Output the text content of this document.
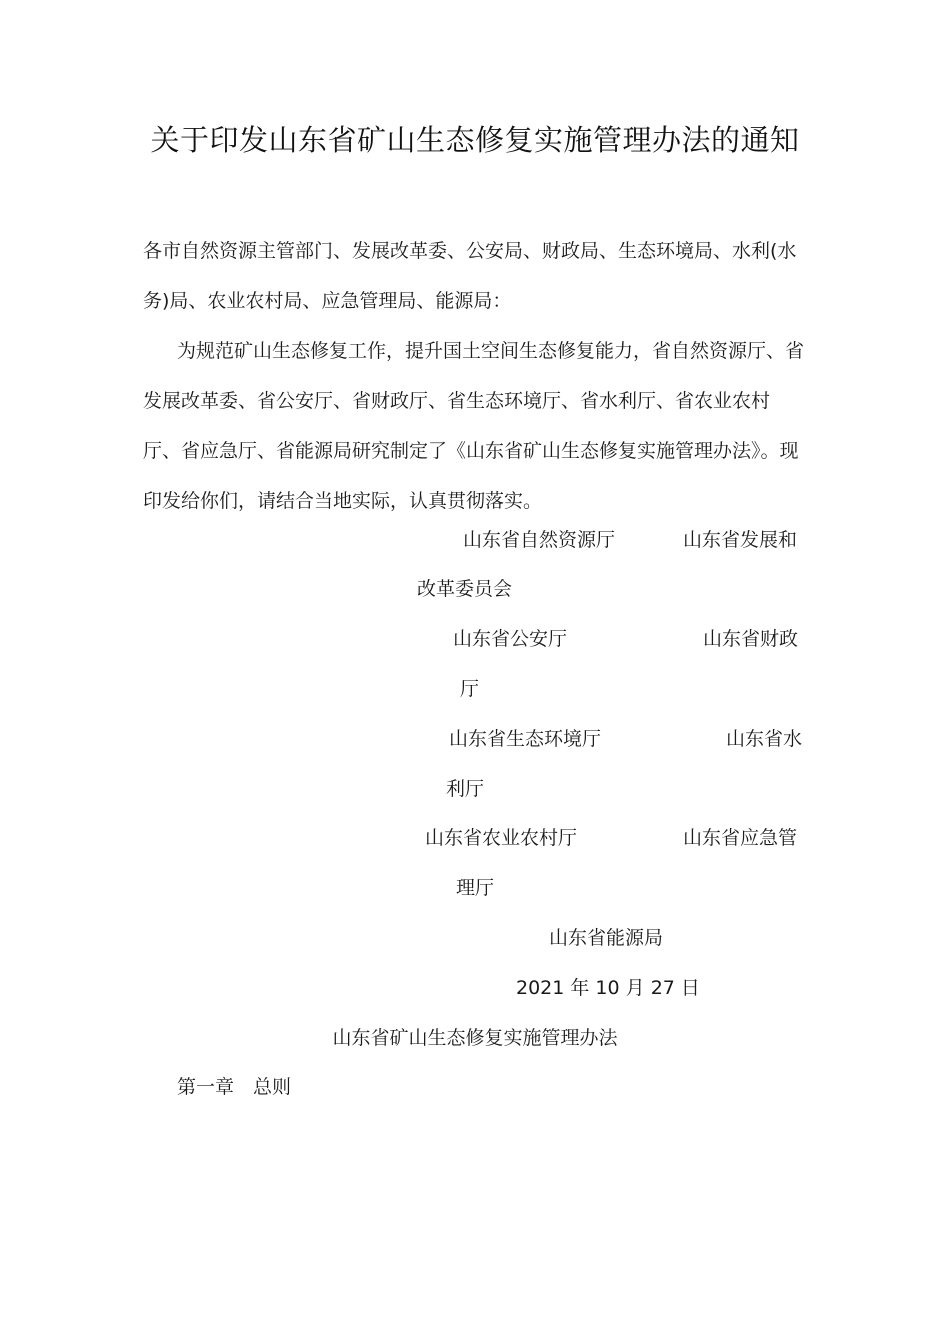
关于印发山东省矿山生态修复实施管理办法的通知
各市自然资源主管部门、发展改革委、公安局、财政局、生态环境局、水利(水务)局、农业农村局、应急管理局、能源局：
为规范矿山生态修复工作，提升国土空间生态修复能力，省自然资源厅、省发展改革委、省公安厅、省财政厅、省生态环境厅、省水利厅、省农业农村厅、省应急厅、省能源局研究制定了《山东省矿山生态修复实施管理办法》。现印发给你们，请结合当地实际，认真贯彻落实。
山东省自然资源厅	山东省发展和
改革委员会
山东省公安厅	山东省财政
厅
山东省生态环境厅	山东省水
利厅
山东省农业农村厅	山东省应急管
理厅
山东省能源局
2021 年 10 月 27 日
山东省矿山生态修复实施管理办法
第一章　总则
